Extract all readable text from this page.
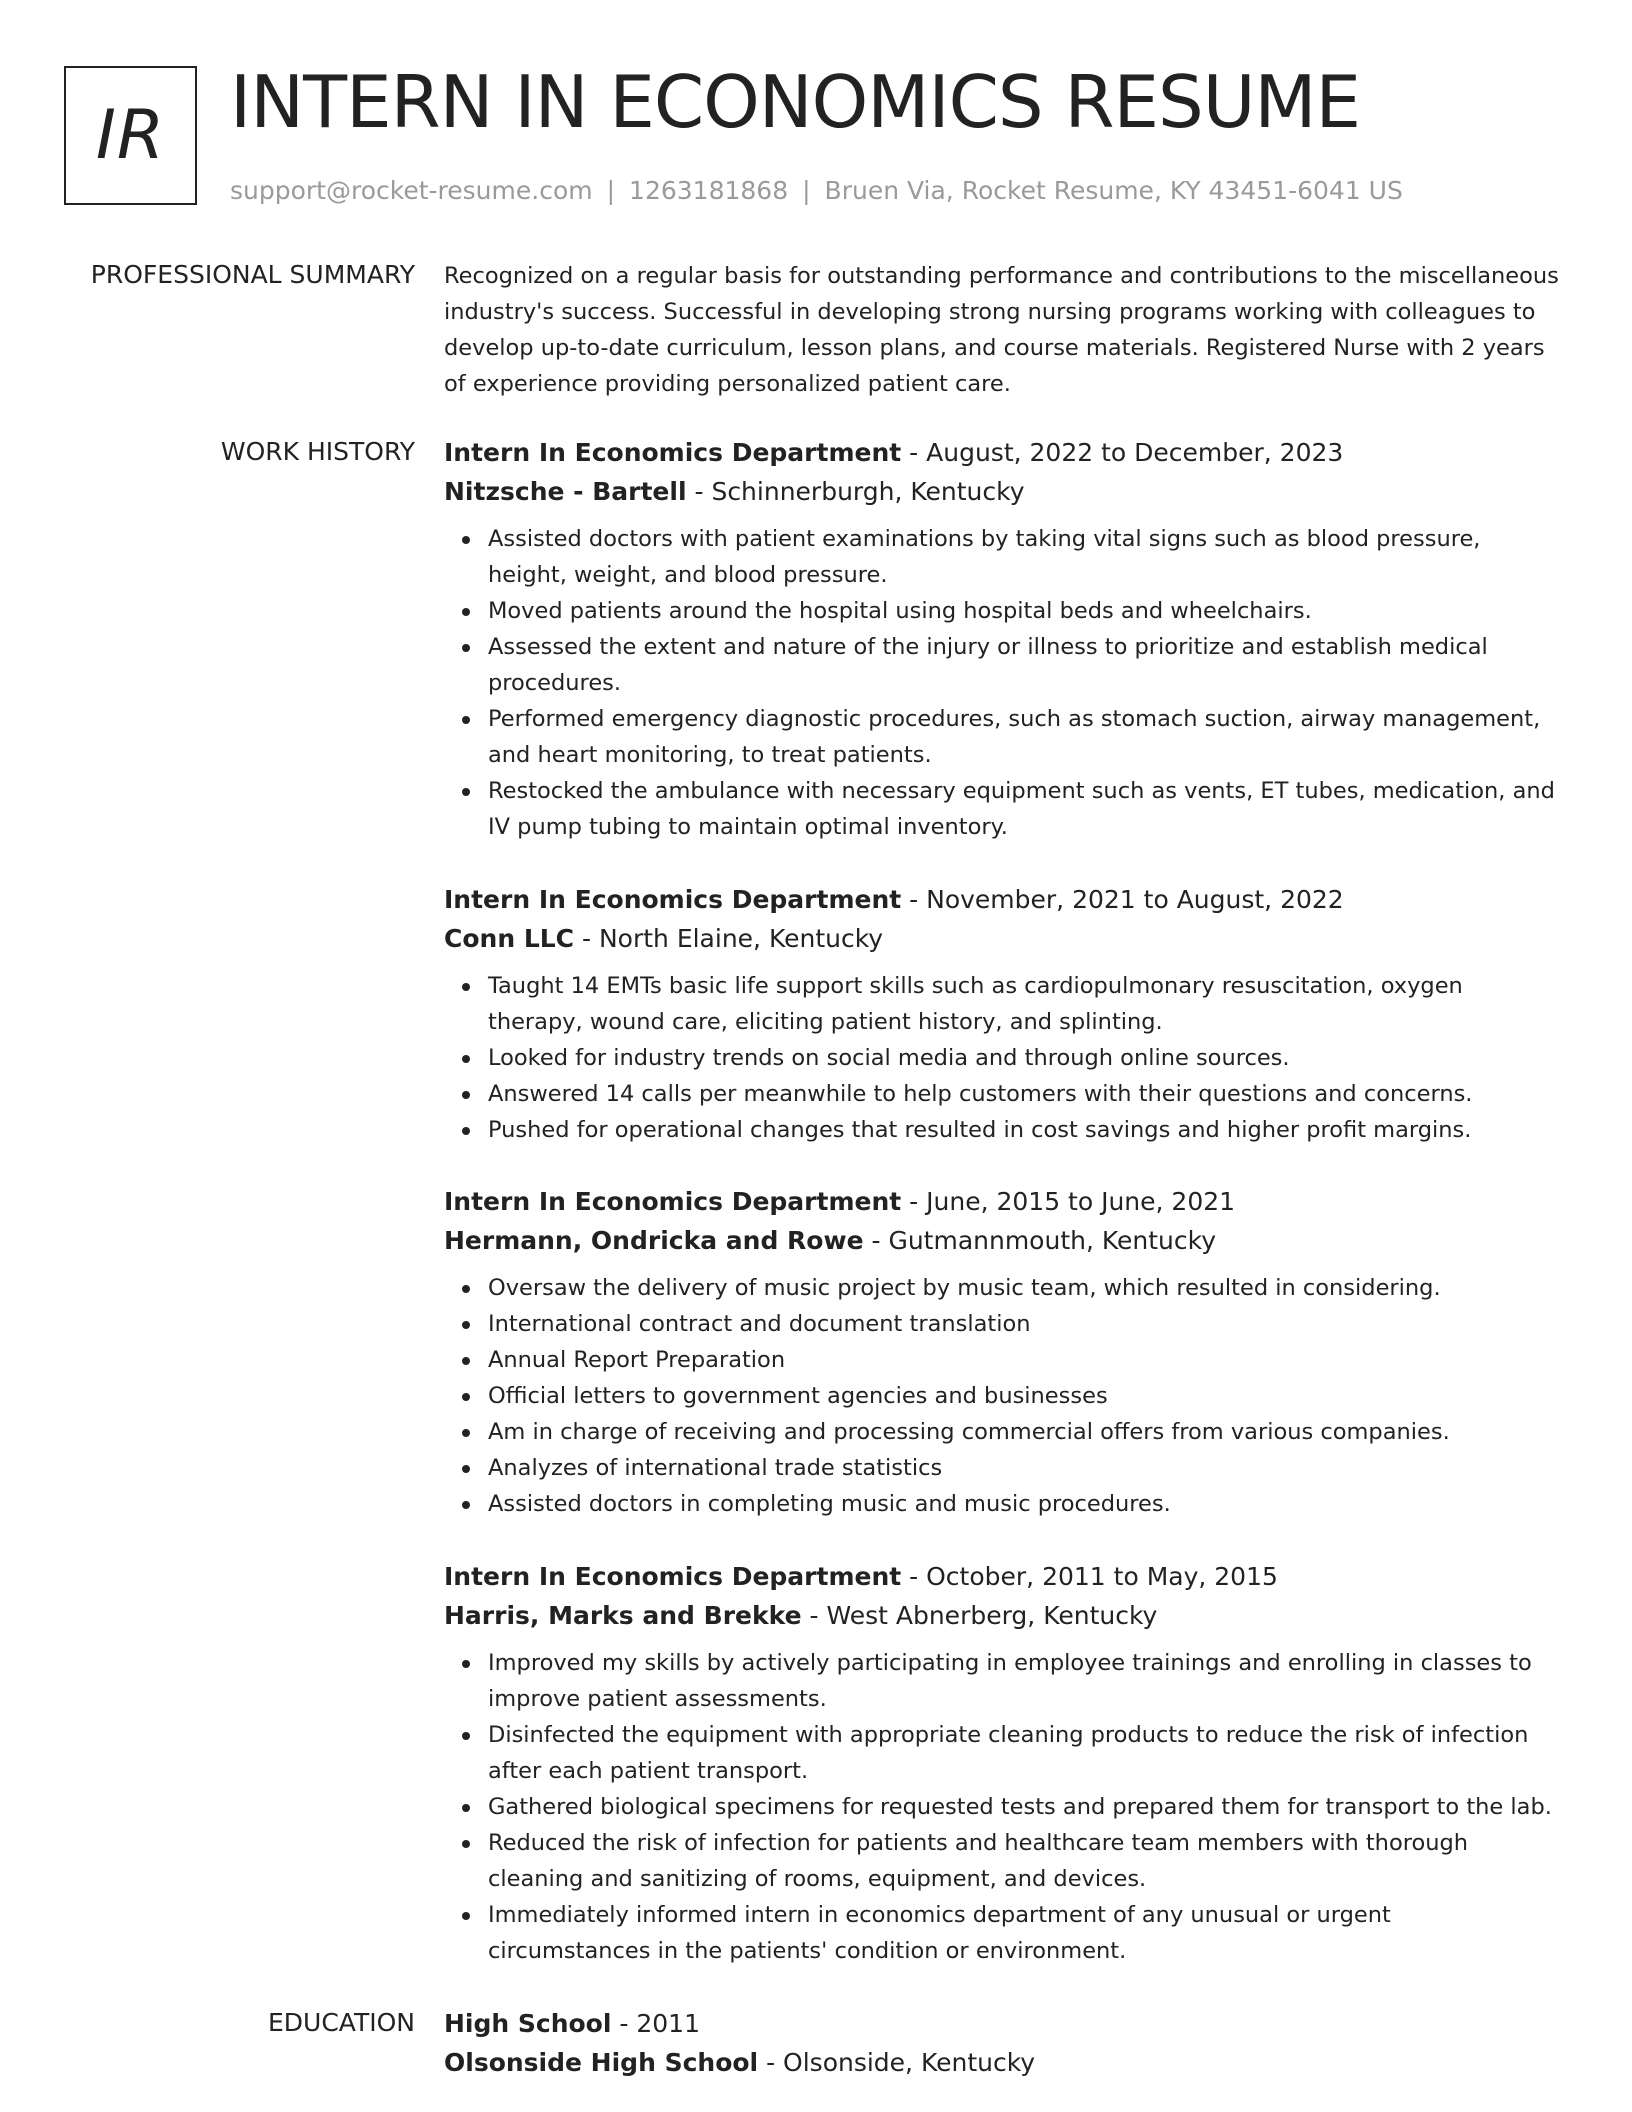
IR INTERN IN ECONOMICS RESUME
support@rocket-resume.com | 1263181868 | Bruen Via, Rocket Resume, KY 43451-6041 US
PROFESSIONAL SUMMARY Recognized on a regular basis for outstanding performance and contributions to the miscellaneous industry's success. Successful in developing strong nursing programs working with colleagues to develop up-to-date curriculum, lesson plans, and course materials. Registered Nurse with 2 years of experience providing personalized patient care.

WORK HISTORY Intern In Economics Department - August, 2022 to December, 2023
Nitzsche - Bartell - Schinnerburgh, Kentucky
Assisted doctors with patient examinations by taking vital signs such as blood pressure, height, weight, and blood pressure.
Moved patients around the hospital using hospital beds and wheelchairs.
Assessed the extent and nature of the injury or illness to prioritize and establish medical procedures.
Performed emergency diagnostic procedures, such as stomach suction, airway management, and heart monitoring, to treat patients.
Restocked the ambulance with necessary equipment such as vents, ET tubes, medication, and IV pump tubing to maintain optimal inventory.
Intern In Economics Department - November, 2021 to August, 2022
Conn LLC - North Elaine, Kentucky
Taught 14 EMTs basic life support skills such as cardiopulmonary resuscitation, oxygen therapy, wound care, eliciting patient history, and splinting.
Looked for industry trends on social media and through online sources.
Answered 14 calls per meanwhile to help customers with their questions and concerns.
Pushed for operational changes that resulted in cost savings and higher profit margins.
Intern In Economics Department - June, 2015 to June, 2021
Hermann, Ondricka and Rowe - Gutmannmouth, Kentucky
Oversaw the delivery of music project by music team, which resulted in considering.
International contract and document translation
Annual Report Preparation
Official letters to government agencies and businesses
Am in charge of receiving and processing commercial offers from various companies.
Analyzes of international trade statistics
Assisted doctors in completing music and music procedures.
Intern In Economics Department - October, 2011 to May, 2015
Harris, Marks and Brekke - West Abnerberg, Kentucky
Improved my skills by actively participating in employee trainings and enrolling in classes to improve patient assessments.
Disinfected the equipment with appropriate cleaning products to reduce the risk of infection after each patient transport.
Gathered biological specimens for requested tests and prepared them for transport to the lab.
Reduced the risk of infection for patients and healthcare team members with thorough cleaning and sanitizing of rooms, equipment, and devices.
Immediately informed intern in economics department of any unusual or urgent circumstances in the patients' condition or environment.
EDUCATION High School - 2011
Olsonside High School - Olsonside, Kentucky
